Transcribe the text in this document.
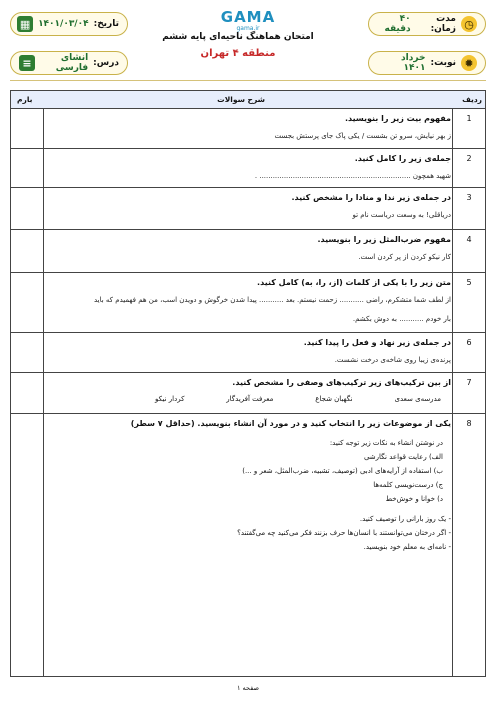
◷
مدت زمان:
۴۰ دقیقه
GAMA
gama.ir
تاریخ:
۱۴۰۱/۰۳/۰۴
▦
امتحان هماهنگ ناحیه‌ای پایه ششم
منطقه ۴ تهران
✹
نوبت:
خرداد ۱۴۰۱
درس:
انشای فارسی
≡
ردیف
شرح سوالات
بارم
1
مفهوم بیت زیر را بنویسید.
ز بهر نیایش، سرو تن بشست / یکی پاک جای پرستش بجست
2
جمله‌ی زیر را کامل کنید.
شهید همچون .................................................................... .
3
در جمله‌ی زیر ندا و منادا را مشخص کنید.
دریاقلی! به وسعت دریاست نام تو
4
مفهوم ضرب‌المثل زیر را بنویسید.
کار نیکو کردن از پر کردن است.
5
متن زیر را با یکی از کلمات (از، را، به) کامل کنید.
از لطف شما متشکرم، راضی ........... زحمت نیستم. بعد ........... پیدا شدن خرگوش و دویدن اسب، من هم فهمیدم که باید
بار خودم ........... به دوش بکشم.
6
در جمله‌ی زیر نهاد و فعل را پیدا کنید.
پرنده‌ی زیبا روی شاخه‌ی درخت نشست.
7
از بین ترکیب‌های زیر ترکیب‌های وصفی را مشخص کنید.
مدرسه‌ی سعدی
نگهبان شجاع
معرفت آفریدگار
کردار نیکو
8
یکی از موضوعات زیر را انتخاب کنید و در مورد آن انشاء بنویسید. (حداقل ۷ سطر)
در نوشتن انشاء به نکات زیر توجه کنید:
الف) رعایت قواعد نگارشی
ب) استفاده از آرایه‌های ادبی (توصیف، تشبیه، ضرب‌المثل، شعر و ...)
ج) درست‌نویسی کلمه‌ها
د) خوانا و خوش‌خط
- یک روز بارانی را توصیف کنید.
- اگر درختان می‌توانستند با انسان‌ها حرف بزنند فکر می‌کنید چه می‌گفتند؟
- نامه‌ای به معلم خود بنویسید.
صفحه ۱
